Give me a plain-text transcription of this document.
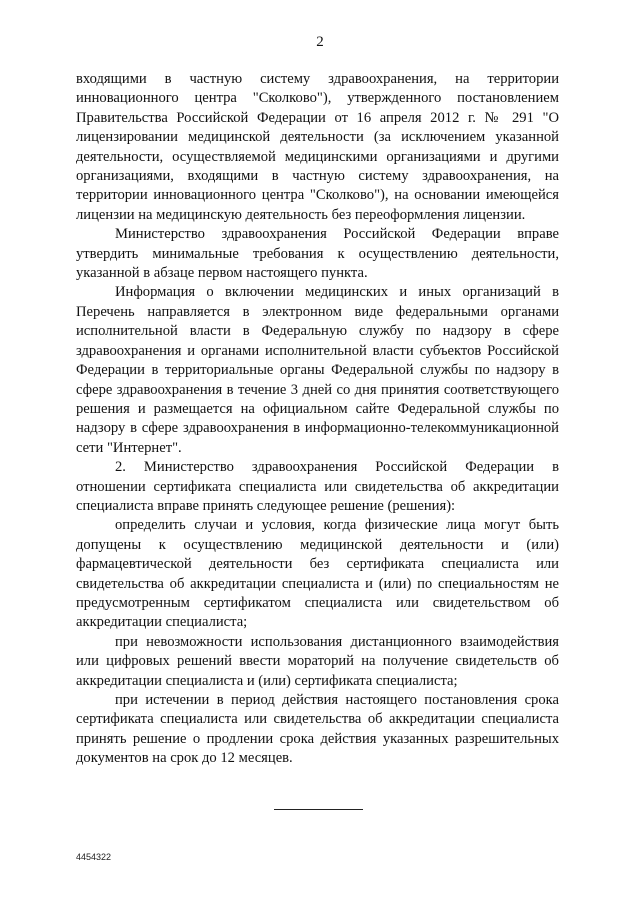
2

входящими в частную систему здравоохранения, на территории инновационного центра "Сколково"), утвержденного постановлением Правительства Российской Федерации от 16 апреля 2012 г. № 291 "О лицензировании медицинской деятельности (за исключением указанной деятельности, осуществляемой медицинскими организациями и другими организациями, входящими в частную систему здравоохранения, на территории инновационного центра "Сколково"), на основании имеющейся лицензии на медицинскую деятельность без переоформления лицензии.

Министерство здравоохранения Российской Федерации вправе утвердить минимальные требования к осуществлению деятельности, указанной в абзаце первом настоящего пункта.

Информация о включении медицинских и иных организаций в Перечень направляется в электронном виде федеральными органами исполнительной власти в Федеральную службу по надзору в сфере здравоохранения и органами исполнительной власти субъектов Российской Федерации в территориальные органы Федеральной службы по надзору в сфере здравоохранения в течение 3 дней со дня принятия соответствующего решения и размещается на официальном сайте Федеральной службы по надзору в сфере здравоохранения в информационно-телекоммуникационной сети "Интернет".

2. Министерство здравоохранения Российской Федерации в отношении сертификата специалиста или свидетельства об аккредитации специалиста вправе принять следующее решение (решения):

определить случаи и условия, когда физические лица могут быть допущены к осуществлению медицинской деятельности и (или) фармацевтической деятельности без сертификата специалиста или свидетельства об аккредитации специалиста и (или) по специальностям не предусмотренным сертификатом специалиста или свидетельством об аккредитации специалиста;

при невозможности использования дистанционного взаимодействия или цифровых решений ввести мораторий на получение свидетельств об аккредитации специалиста и (или) сертификата специалиста;

при истечении в период действия настоящего постановления срока сертификата специалиста или свидетельства об аккредитации специалиста принять решение о продлении срока действия указанных разрешительных документов на срок до 12 месяцев.

4454322
